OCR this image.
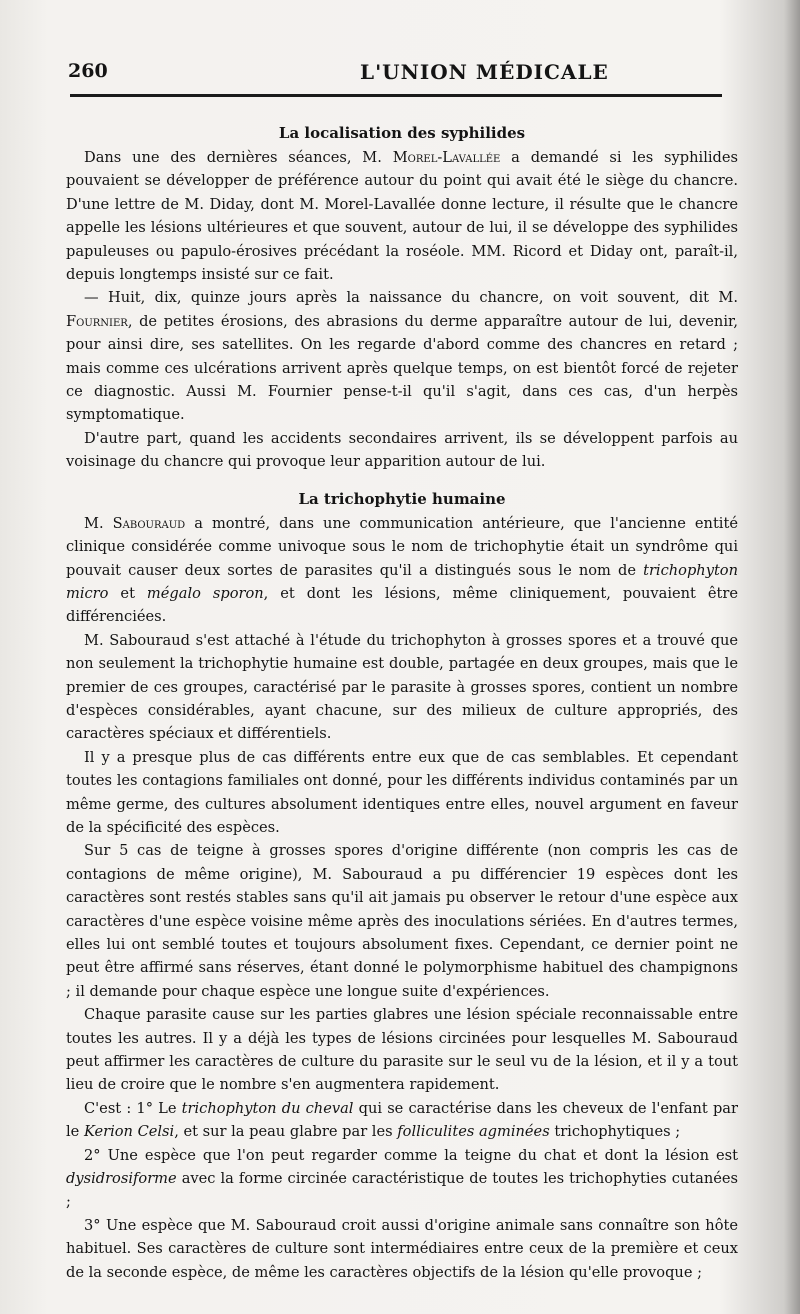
260	L'UNION MÉDICALE
La localisation des syphilides

Dans une des dernières séances, M. Morel-Lavallée a demandé si les syphilides pouvaient se développer de préférence autour du point qui avait été le siège du chancre. D'une lettre de M. Diday, dont M. Morel-Lavallée donne lecture, il résulte que le chancre appelle les lésions ultérieures et que souvent, autour de lui, il se développe des syphilides papuleuses ou papulo-érosives précédant la roséole. MM. Ricord et Diday ont, paraît-il, depuis longtemps insisté sur ce fait.

— Huit, dix, quinze jours après la naissance du chancre, on voit souvent, dit M. Fournier, de petites érosions, des abrasions du derme apparaître autour de lui, devenir, pour ainsi dire, ses satellites. On les regarde d'abord comme des chancres en retard ; mais comme ces ulcérations arrivent après quelque temps, on est bientôt forcé de rejeter ce diagnostic. Aussi M. Fournier pense-t-il qu'il s'agit, dans ces cas, d'un herpès symptomatique.

D'autre part, quand les accidents secondaires arrivent, ils se développent parfois au voisinage du chancre qui provoque leur apparition autour de lui.

La trichophytie humaine

M. Sabouraud a montré, dans une communication antérieure, que l'ancienne entité clinique considérée comme univoque sous le nom de trichophytie était un syndrôme qui pouvait causer deux sortes de parasites qu'il a distingués sous le nom de trichophyton micro et mégalo sporon, et dont les lésions, même cliniquement, pouvaient être différenciées.

M. Sabouraud s'est attaché à l'étude du trichophyton à grosses spores et a trouvé que non seulement la trichophytie humaine est double, partagée en deux groupes, mais que le premier de ces groupes, caractérisé par le parasite à grosses spores, contient un nombre d'espèces considérables, ayant chacune, sur des milieux de culture appropriés, des caractères spéciaux et différentiels.

Il y a presque plus de cas différents entre eux que de cas semblables. Et cependant toutes les contagions familiales ont donné, pour les différents individus contaminés par un même germe, des cultures absolument identiques entre elles, nouvel argument en faveur de la spécificité des espèces.

Sur 5 cas de teigne à grosses spores d'origine différente (non compris les cas de contagions de même origine), M. Sabouraud a pu différencier 19 espèces dont les caractères sont restés stables sans qu'il ait jamais pu observer le retour d'une espèce aux caractères d'une espèce voisine même après des inoculations sériées. En d'autres termes, elles lui ont semblé toutes et toujours absolument fixes. Cependant, ce dernier point ne peut être affirmé sans réserves, étant donné le polymorphisme habituel des champignons ; il demande pour chaque espèce une longue suite d'expériences.

Chaque parasite cause sur les parties glabres une lésion spéciale reconnaissable entre toutes les autres. Il y a déjà les types de lésions circinées pour lesquelles M. Sabouraud peut affirmer les caractères de culture du parasite sur le seul vu de la lésion, et il y a tout lieu de croire que le nombre s'en augmentera rapidement.

C'est : 1° Le trichophyton du cheval qui se caractérise dans les cheveux de l'enfant par le Kerion Celsi, et sur la peau glabre par les folliculites agminées trichophytiques ;

2° Une espèce que l'on peut regarder comme la teigne du chat et dont la lésion est dysidrosiforme avec la forme circinée caractéristique de toutes les trichophyties cutanées ;

3° Une espèce que M. Sabouraud croit aussi d'origine animale sans connaître son hôte habituel. Ses caractères de culture sont intermédiaires entre ceux de la première et ceux de la seconde espèce, de même les caractères objectifs de la lésion qu'elle provoque ;
